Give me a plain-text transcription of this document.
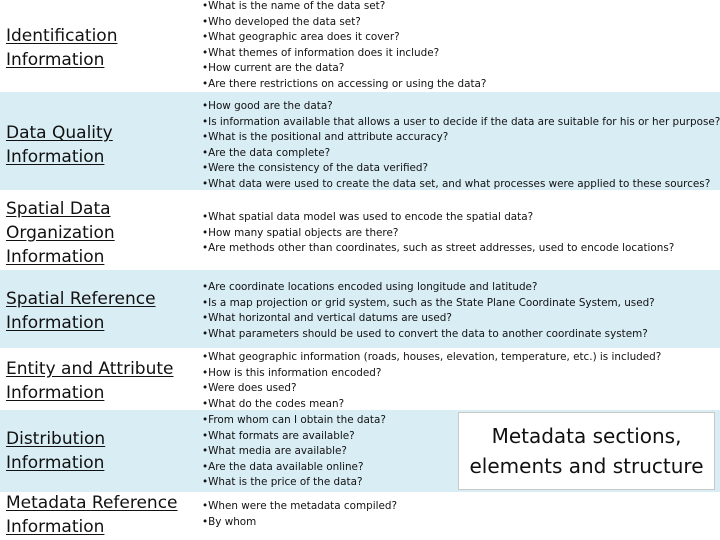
Identification Information
• What is the name of the data set?
• Who developed the data set?
• What geographic area does it cover?
• What themes of information does it include?
• How current are the data?
• Are there restrictions on accessing or using the data?
Data Quality Information
• How good are the data?
• Is information available that allows a user to decide if the data are suitable for his or her purpose?
• What is the positional and attribute accuracy?
• Are the data complete?
• Were the consistency of the data verified?
• What data were used to create the data set, and what processes were applied to these sources?
Spatial Data Organization Information
• What spatial data model was used to encode the spatial data?
• How many spatial objects are there?
• Are methods other than coordinates, such as street addresses, used to encode locations?
Spatial Reference Information
• Are coordinate locations encoded using longitude and latitude?
• Is a map projection or grid system, such as the State Plane Coordinate System, used?
• What horizontal and vertical datums are used?
• What parameters should be used to convert the data to another coordinate system?
Entity and Attribute Information
• What geographic information (roads, houses, elevation, temperature, etc.) is included?
• How is this information encoded?
• Were does used?
• What do the codes mean?
Distribution Information
• From whom can I obtain the data?
• What formats are available?
• What media are available?
• Are the data available online?
• What is the price of the data?
Metadata Reference Information
• When were the metadata compiled?
• By whom
Metadata sections,
elements and structure
